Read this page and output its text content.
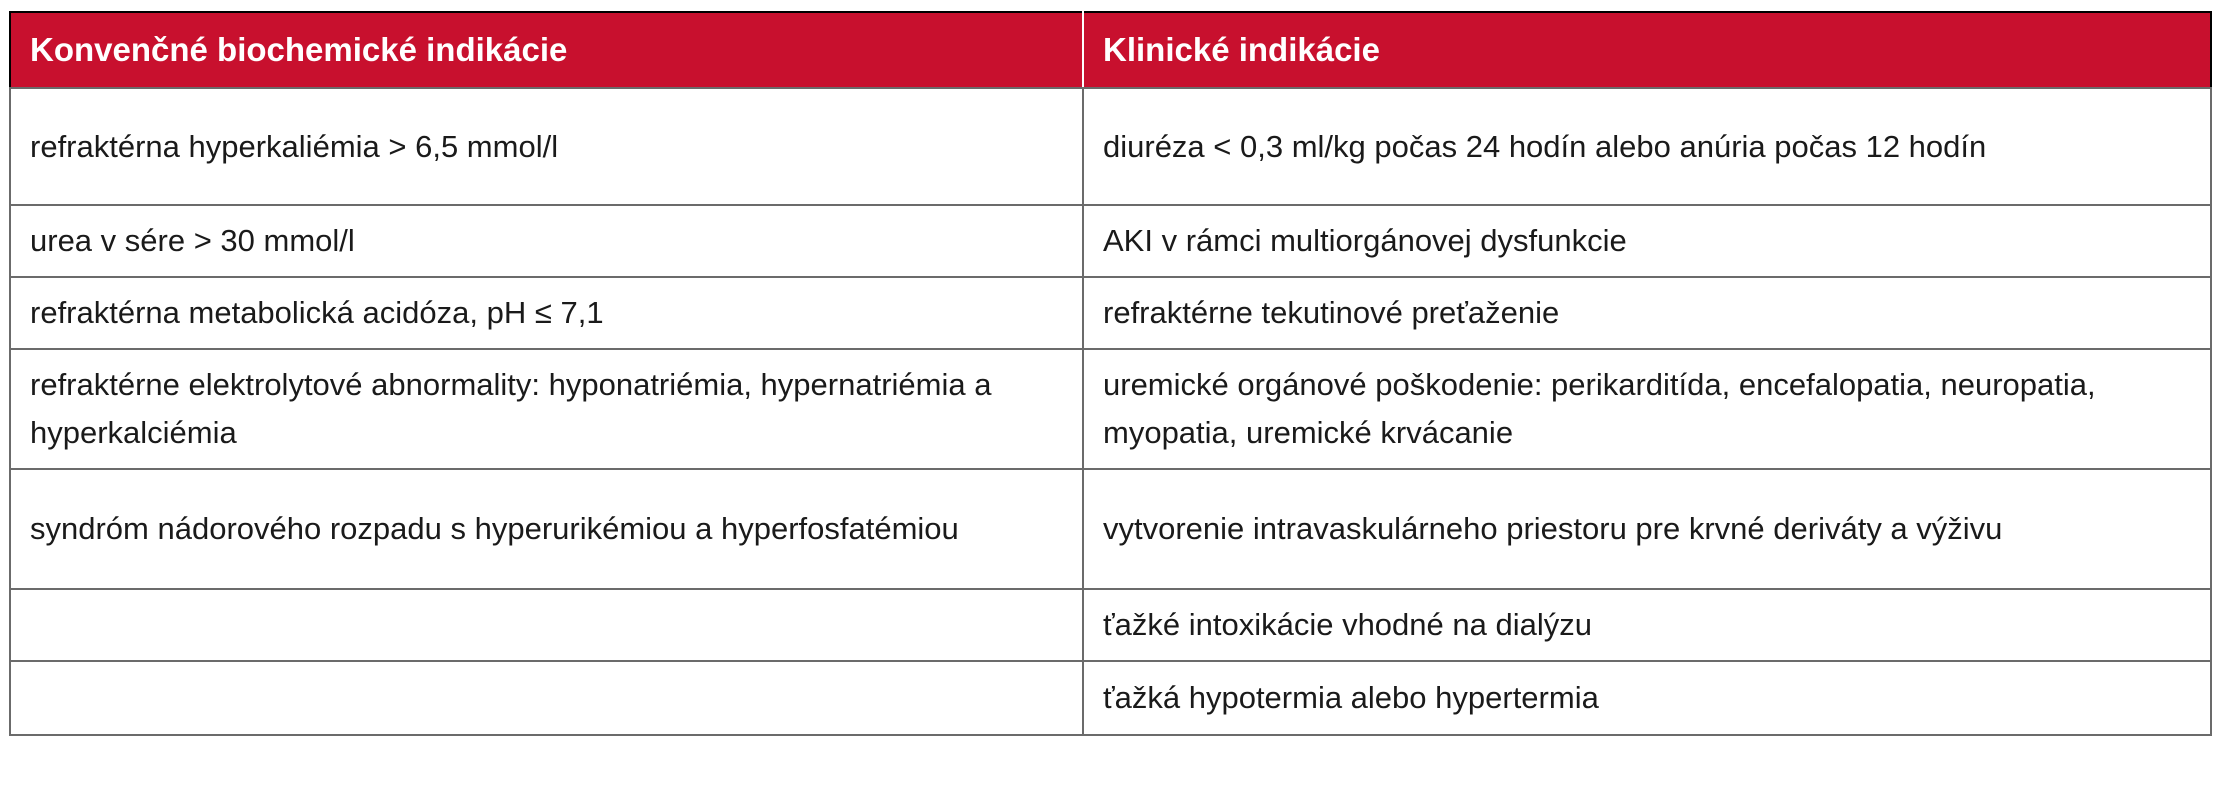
Konvenčné biochemické indikácie	Klinické indikácie
refraktérna hyperkaliémia > 6,5 mmol/l	diuréza < 0,3 ml/kg počas 24 hodín alebo anúria počas 12 hodín
urea v sére > 30 mmol/l	AKI v rámci multiorgánovej dysfunkcie
refraktérna metabolická acidóza, pH ≤ 7,1	refraktérne tekutinové preťaženie
refraktérne elektrolytové abnormality: hyponatriémia, hypernatriémia a hyperkalciémia	uremické orgánové poškodenie: perikarditída, encefalopatia, neuropatia, myopatia, uremické krvácanie
syndróm nádorového rozpadu s hyperurikémiou a hyperfosfatémiou	vytvorenie intravaskulárneho priestoru pre krvné deriváty a výživu
	ťažké intoxikácie vhodné na dialýzu
	ťažká hypotermia alebo hypertermia
